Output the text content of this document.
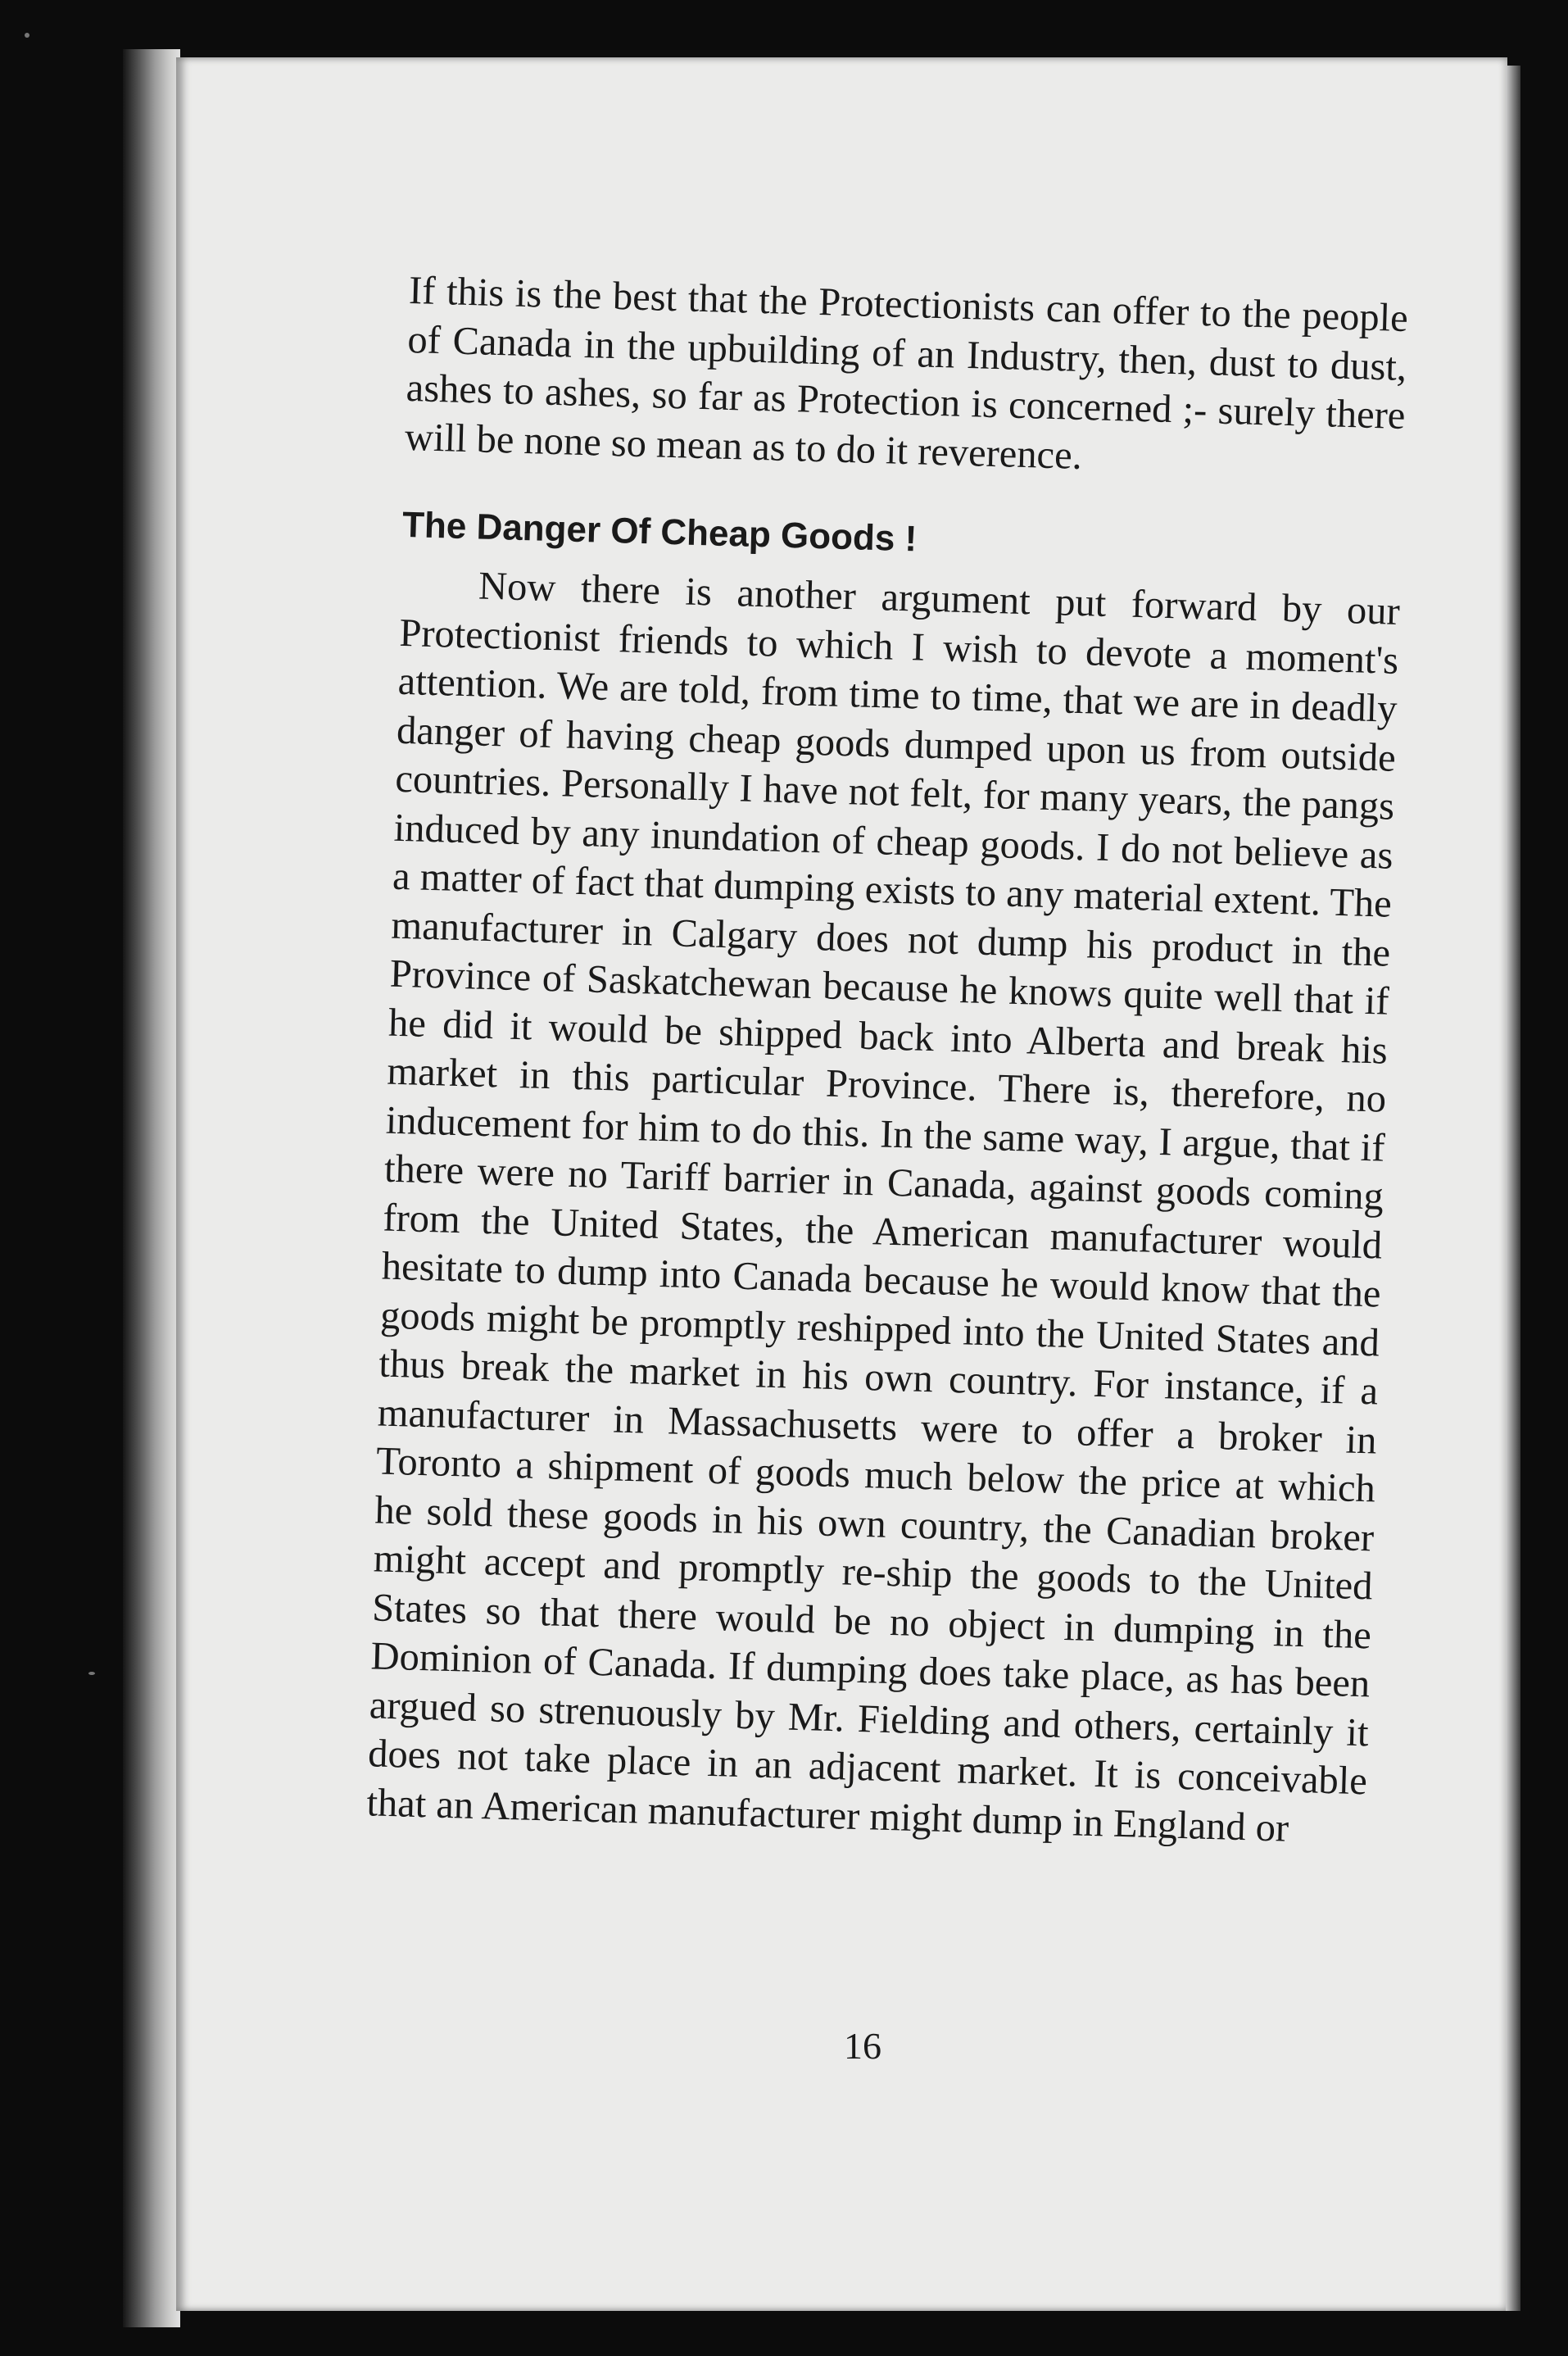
If this is the best that the Protectionists can offer to the people of Canada in the upbuilding of an Industry, then, dust to dust, ashes to ashes, so far as Protection is concerned ;- surely there will be none so mean as to do it reverence.

The Danger Of Cheap Goods !

Now there is another argument put forward by our Protectionist friends to which I wish to devote a moment's attention. We are told, from time to time, that we are in deadly danger of having cheap goods dumped upon us from outside countries. Personally I have not felt, for many years, the pangs induced by any inundation of cheap goods. I do not believe as a matter of fact that dumping exists to any material extent. The manufacturer in Calgary does not dump his product in the Province of Saskatchewan because he knows quite well that if he did it would be shipped back into Alberta and break his market in this particular Province. There is, therefore, no inducement for him to do this. In the same way, I argue, that if there were no Tariff barrier in Canada, against goods coming from the United States, the American manufacturer would hesitate to dump into Canada because he would know that the goods might be promptly reshipped into the United States and thus break the market in his own country. For instance, if a manufacturer in Massachusetts were to offer a broker in Toronto a shipment of goods much below the price at which he sold these goods in his own country, the Canadian broker might accept and promptly re-ship the goods to the United States so that there would be no object in dumping in the Dominion of Canada. If dumping does take place, as has been argued so strenuously by Mr. Fielding and others, certainly it does not take place in an adjacent market. It is conceivable that an American manufacturer might dump in England or

16
